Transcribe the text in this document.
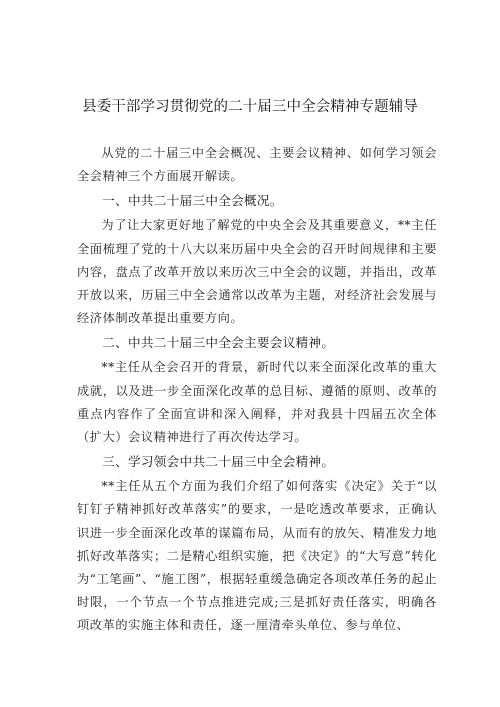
县委干部学习贯彻党的二十届三中全会精神专题辅导

从党的二十届三中全会概况、主要会议精神、如何学习领会全会精神三个方面展开解读。

一、中共二十届三中全会概况。

为了让大家更好地了解党的中央全会及其重要意义，**主任全面梳理了党的十八大以来历届中央全会的召开时间规律和主要内容，盘点了改革开放以来历次三中全会的议题，并指出，改革开放以来，历届三中全会通常以改革为主题，对经济社会发展与经济体制改革提出重要方向。

二、中共二十届三中全会主要会议精神。

**主任从全会召开的背景，新时代以来全面深化改革的重大成就，以及进一步全面深化改革的总目标、遵循的原则、改革的重点内容作了全面宣讲和深入阐释，并对我县十四届五次全体（扩大）会议精神进行了再次传达学习。

三、学习领会中共二十届三中全会精神。

**主任从五个方面为我们介绍了如何落实《决定》关于“以钉钉子精神抓好改革落实”的要求，一是吃透改革要求，正确认识进一步全面深化改革的谋篇布局，从而有的放矢、精准发力地抓好改革落实；二是精心组织实施，把《决定》的“大写意”转化为“工笔画”、“施工图”，根据轻重缓急确定各项改革任务的起止时限，一个节点一个节点推进完成;三是抓好责任落实，明确各项改革的实施主体和责任，逐一厘清牵头单位、参与单位、
